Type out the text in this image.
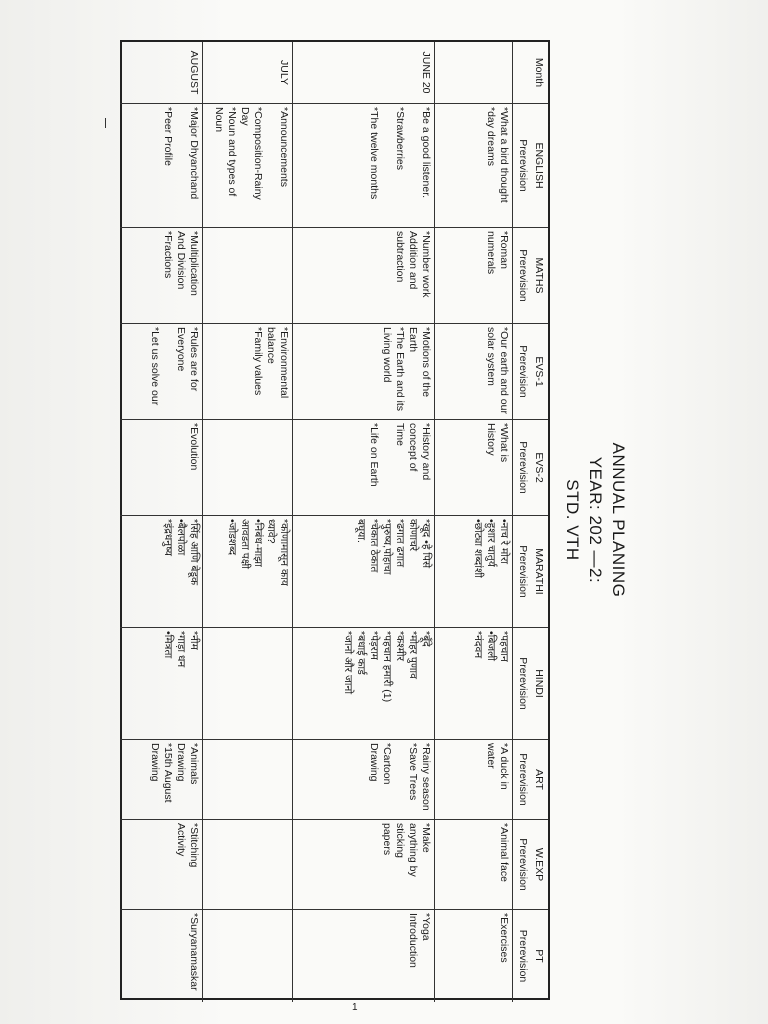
ANNUAL PLANING
YEAR: 202 —2:
STD. VTH
Month
ENGLISH
Prerevision
MATHS
Prerevision
EVS-1
Prerevision
EVS-2
Prerevision
MARATHI
Prerevision
HINDI
Prerevision
ART
Prerevision
W.EXP
Prerevision
PT
Prerevision
*What a bird thought
*day dreams
*Roman
numerals
*Our earth and our
solar system
*What is
History
•नाच रे मोरा
•हुशार चातुर्य
•छोट्या शब्दांशी
*पहचान
•बिजली
*नंदवन
*A duck in
water
*Animal face
*Exercises
JUNE 20
*Be a good listener.

*Strawberries

*The twelve months
*Number work
Addition and
subtraction
*Motions of the
Earth
*The Earth and its
Living world
*History and
concept of
Time

*Life on Earth
*खूद •हे पिसे
कोणाचरे
*ढगात ढगात
*पुरुष्य,पोहाचा
*चेकात ठेकात
बघूया.
*बूँदे
*मोहर पुणाव
*कश्मीर
*पहचान हमारी (1)
*पेड़राम
*बधाई कार्ड
*जानो और जानो
*Rainy season
*Save Trees

*Cartoon
Drawing
*Make
anything by
sticking
papers
*Yoga
Introduction
JULY
*Announcements

*Composition-Rainy
Day
*Noun and types of
Noun

*Environmental
balance
*Family values

*कोणामासून काय
ध्यावे?
•निबंध-माझा
आवडता पक्षी
•जोडशब्द

AUGUST
*Major Dhyanchand

*Peer Profile
*Multiplication
And Division
*Fractions
*Rules are for
Everyone

*Let us solve our
*Evolution
*सिंह आणि बेडूक
•बैलपोळा
*इंद्रधनुष्य
*नीम
*गाड़ा धन
•मित्रता
*Animals
Drawing
*15th August
Drawing
*Stitching
Activity
*Suryanamaskar
1
